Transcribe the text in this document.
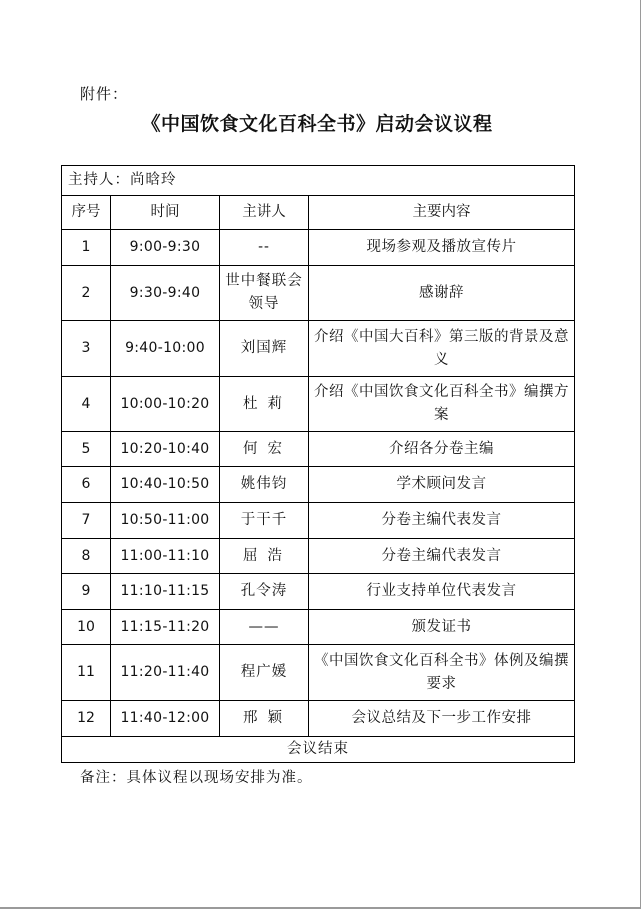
附件：
《中国饮食文化百科全书》启动会议议程
主持人：尚晗玲			
序号	时间	主讲人	主要内容
1	9:00-9:30	--	现场参观及播放宣传片
2	9:30-9:40	世中餐联会领导	感谢辞
3	9:40-10:00	刘国辉	介绍《中国大百科》第三版的背景及意义
4	10:00-10:20	杜莉	介绍《中国饮食文化百科全书》编撰方案
5	10:20-10:40	何宏	介绍各分卷主编
6	10:40-10:50	姚伟钧	学术顾问发言
7	10:50-11:00	于干千	分卷主编代表发言
8	11:00-11:10	屈浩	分卷主编代表发言
9	11:10-11:15	孔令涛	行业支持单位代表发言
10	11:15-11:20	——	颁发证书
11	11:20-11:40	程广媛	《中国饮食文化百科全书》体例及编撰要求
12	11:40-12:00	邢颖	会议总结及下一步工作安排
会议结束			
备注：具体议程以现场安排为准。
